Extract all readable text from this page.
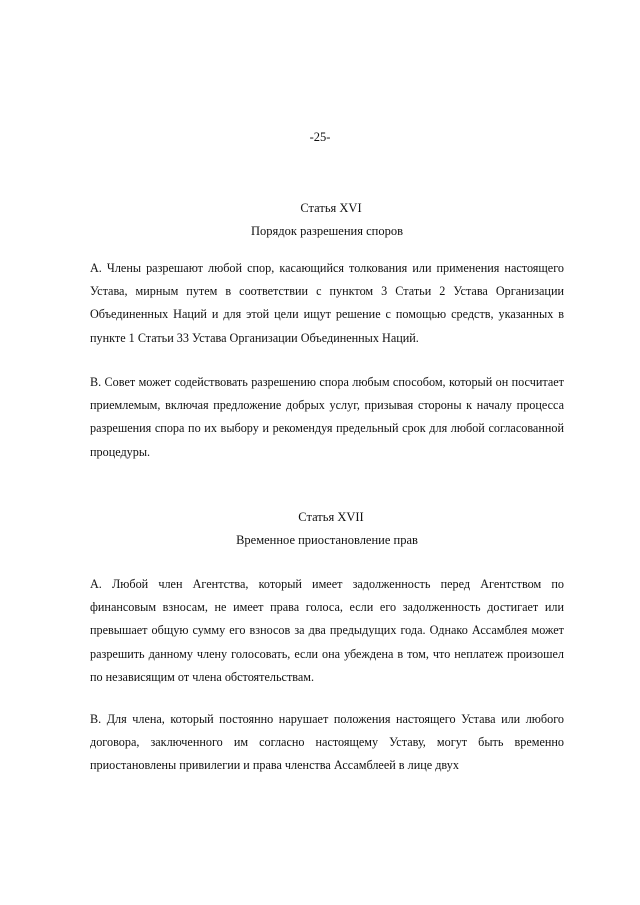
-25-
Статья XVI
Порядок разрешения споров

A. Члены разрешают любой спор, касающийся толкования или применения настоящего Устава, мирным путем в соответствии с пунктом 3 Статьи 2 Устава Организации Объединенных Наций и для этой цели ищут решение с помощью средств, указанных в пункте 1 Статьи 33 Устава Организации Объединенных Наций.

B. Совет может содействовать разрешению спора любым способом, который он посчитает приемлемым, включая предложение добрых услуг, призывая стороны к началу процесса разрешения спора по их выбору и рекомендуя предельный срок для любой согласованной процедуры.

Статья XVII
Временное приостановление прав

A. Любой член Агентства, который имеет задолженность перед Агентством по финансовым взносам, не имеет права голоса, если его задолженность достигает или превышает общую сумму его взносов за два предыдущих года. Однако Ассамблея может разрешить данному члену голосовать, если она убеждена в том, что неплатеж произошел по независящим от члена обстоятельствам.

B. Для члена, который постоянно нарушает положения настоящего Устава или любого договора, заключенного им согласно настоящему Уставу, могут быть временно приостановлены привилегии и права членства Ассамблеей в лице двух
